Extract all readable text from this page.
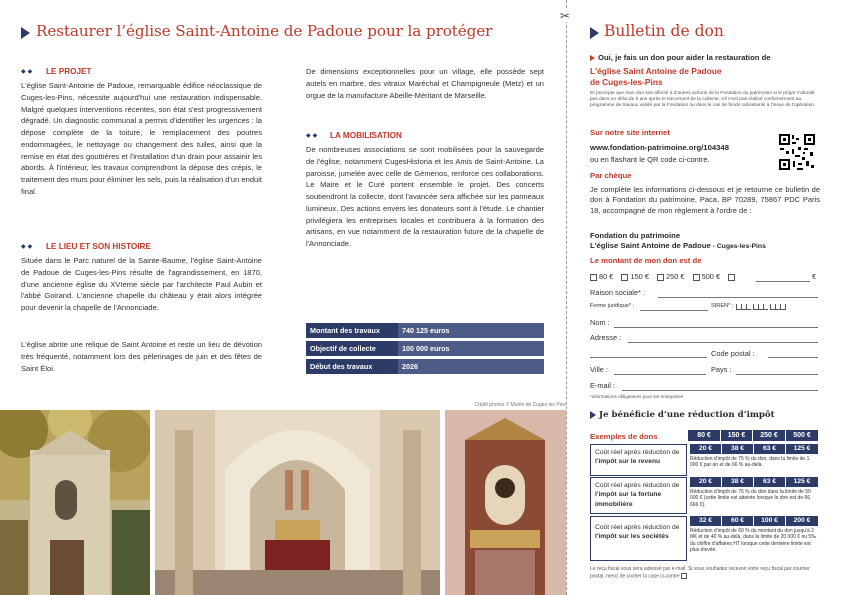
Restaurer l’église Saint-Antoine de Padoue pour la protéger
◆◆ LE PROJET
L'église Saint-Antoine de Padoue, remarquable édifice néoclassique de Cuges-les-Pins, nécessite aujourd'hui une restauration indispensable. Malgré quelques interventions récentes, son état s'est progressivement dégradé. Un diagnostic communal a permis d'identifier les urgences : la dépose complète de la toiture, le remplacement des poutres endommagées, le nettoyage ou changement des tuiles, ainsi que la remise en état des gouttières et l'installation d'un drain pour assainir les abords. À l'intérieur, les travaux comprendront la dépose des crépis, le traitement des murs pour éliminer les sels, puis la réalisation d'un enduit final.
◆◆ LE LIEU ET SON HISTOIRE
Située dans le Parc naturel de la Sainte-Baume, l'église Saint-Antoine de Padoue de Cuges-les-Pins résulte de l'agrandissement, en 1870, d'une ancienne église du XVIeme siècle par l'architecte Paul Aubin et l'abbé Goirand. L'ancienne chapelle du château y était alors intégrée pour devenir la chapelle de l'Annonciade.
L'église abrite une relique de Saint Antoine et reste un lieu de dévotion très fréquenté, notamment lors des pèlerinages de juin et des fêtes de Saint Éloi.
De dimensions exceptionnelles pour un village, elle possède sept autels en marbre, des vitraux Maréchal et Champigneule (Metz) et un orgue de la manufacture Abeille-Méritant de Marseille.
◆◆ LA MOBILISATION
De nombreuses associations se sont mobilisées pour la sauvegarde de l'église, notamment CugesHistoria et les Amis de Saint-Antoine. La paroisse, jumelée avec celle de Gémenos, renforce ces collaborations. Le Maire et le Curé portent ensemble le projet. Des concerts soutiendront la collecte, dont l'avancée sera affichée sur les panneaux lumineux. Des actions envers les donateurs sont à l'étude. Le chantier privilégiera les entreprises locales et contribuera à la formation des artisans, en vue notamment de la restauration future de la chapelle de l'Annonciade.
Montant des travaux	740 125 euros
Objectif de collecte	100 000 euros
Début des travaux	2026
Crédit photos © Mairie de Cuges les Pins
✂
Bulletin de don
Oui, je fais un don pour aider la restauration de
L'église Saint Antoine de Padoue
de Cuges-les-Pins
Et j'accepte que mon don soit affecté à d'autres actions de la Fondation du patrimoine si le projet n'aboutit pas dans un délai de 5 ans après le lancement de la collecte, s'il n'est pas réalisé conformément au programme de travaux validé par la Fondation ou dans le cas de fonds subsistants à l'issue de l'opération.
Sur notre site internet
www.fondation-patrimoine.org/104348
ou en flashant le QR code ci-contre.
Par chèque
Je complète les informations ci-dessous et je retourne ce bulletin de don à Fondation du patrimoine, Paca, BP 70289, 75867 PDC Paris 18, accompagné de mon règlement à l'ordre de :
Fondation du patrimoine
L'église Saint Antoine de Padoue - Cuges-les-Pins
Le montant de mon don est de
80 € 150 € 250 € 500 €	€
Raison sociale* :
Forme juridique* :	SIREN* :

Nom :
Adresse :
Code postal :
Ville :	Pays :
E-mail :
*informations obligatoires pour les entreprises
Je bénéficie d’une réduction d’impôt
Exemples de dons	80 €	150 €	250 €	500 €
Coût réel après réduction de l'impôt sur le revenu
20 €	38 €	63 €	125 €
Réduction d'impôt de 75 % du don, dans la limite de 1 000 € par an et de 66 % au-delà.
Coût réel après réduction de l'impôt sur la fortune immobilière
20 €	38 €	63 €	125 €
Réduction d'impôt de 75 % du don dans la limite de 50 000 € (cette limite est atteinte lorsque le don est de 66 666 €).
Coût réel après réduction de l'impôt sur les sociétés
32 €	60 €	100 €	200 €
Réduction d'impôt de 60 % du montant du don jusqu'à 2 M€ et de 40 % au-delà, dans la limite de 20 000 € ou 5‰ du chiffre d'affaires HT lorsque cette dernière limite est plus élevée.
Le reçu fiscal vous sera adressé par e-mail. Si vous souhaitez recevoir votre reçu fiscal par courrier postal, merci de cocher la case ci-contre
